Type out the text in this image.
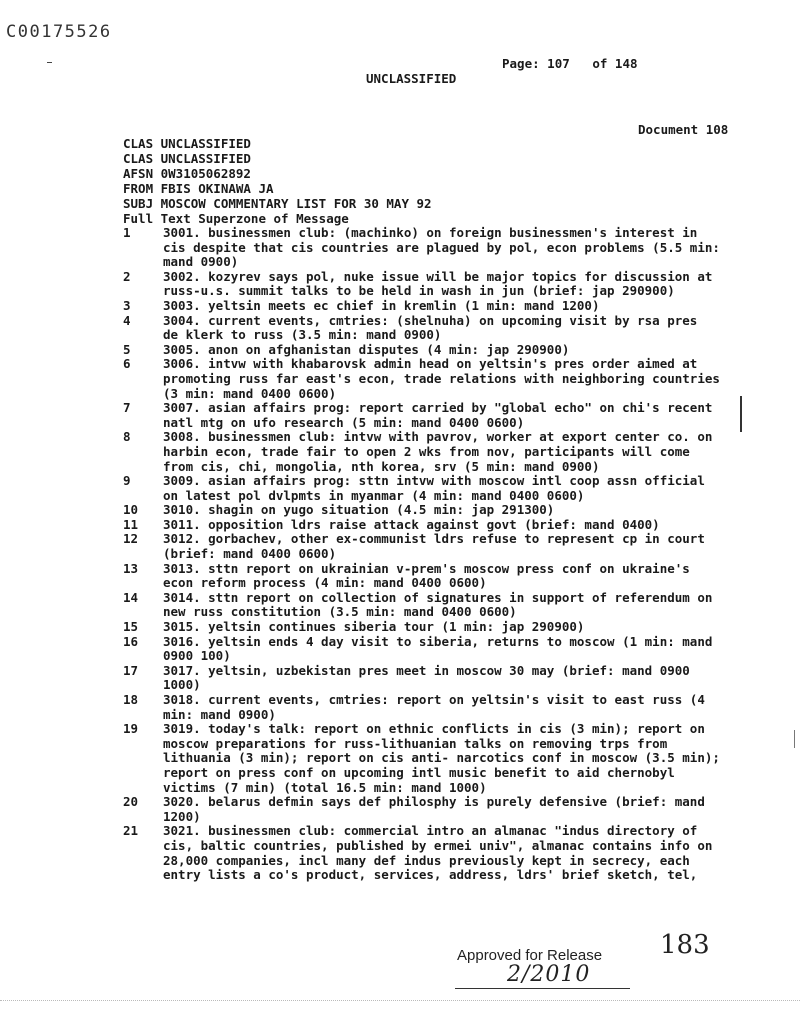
C00175526
Page: 107 of 148
UNCLASSIFIED
Document 108
CLAS UNCLASSIFIED
CLAS UNCLASSIFIED
AFSN 0W3105062892
FROM FBIS OKINAWA JA
SUBJ MOSCOW COMMENTARY LIST FOR 30 MAY 92
Full Text Superzone of Message
1	3001. businessmen club: (machinko) on foreign businessmen's interest in
cis despite that cis countries are plagued by pol, econ problems (5.5 min:
mand 0900)
2	3002. kozyrev says pol, nuke issue will be major topics for discussion at
russ-u.s. summit talks to be held in wash in jun (brief: jap 290900)
3	3003. yeltsin meets ec chief in kremlin (1 min: mand 1200)
4	3004. current events, cmtries: (shelnuha) on upcoming visit by rsa pres
de klerk to russ (3.5 min: mand 0900)
5	3005. anon on afghanistan disputes (4 min: jap 290900)
6	3006. intvw with khabarovsk admin head on yeltsin's pres order aimed at
promoting russ far east's econ, trade relations with neighboring countries
(3 min: mand 0400 0600)
7	3007. asian affairs prog: report carried by "global echo" on chi's recent
natl mtg on ufo research (5 min: mand 0400 0600)
8	3008. businessmen club: intvw with pavrov, worker at export center co. on
harbin econ, trade fair to open 2 wks from nov, participants will come
from cis, chi, mongolia, nth korea, srv (5 min: mand 0900)
9	3009. asian affairs prog: sttn intvw with moscow intl coop assn official
on latest pol dvlpmts in myanmar (4 min: mand 0400 0600)
10	3010. shagin on yugo situation (4.5 min: jap 291300)
11	3011. opposition ldrs raise attack against govt (brief: mand 0400)
12	3012. gorbachev, other ex-communist ldrs refuse to represent cp in court
(brief: mand 0400 0600)
13	3013. sttn report on ukrainian v-prem's moscow press conf on ukraine's
econ reform process (4 min: mand 0400 0600)
14	3014. sttn report on collection of signatures in support of referendum on
new russ constitution (3.5 min: mand 0400 0600)
15	3015. yeltsin continues siberia tour (1 min: jap 290900)
16	3016. yeltsin ends 4 day visit to siberia, returns to moscow (1 min: mand
0900 100)
17	3017. yeltsin, uzbekistan pres meet in moscow 30 may (brief: mand 0900
1000)
18	3018. current events, cmtries: report on yeltsin's visit to east russ (4
min: mand 0900)
19	3019. today's talk: report on ethnic conflicts in cis (3 min); report on
moscow preparations for russ-lithuanian talks on removing trps from
lithuania (3 min); report on cis anti- narcotics conf in moscow (3.5 min);
report on press conf on upcoming intl music benefit to aid chernobyl
victims (7 min) (total 16.5 min: mand 1000)
20	3020. belarus defmin says def philosphy is purely defensive (brief: mand
1200)
21	3021. businessmen club: commercial intro an almanac "indus directory of
cis, baltic countries, published by ermei univ", almanac contains info on
28,000 companies, incl many def indus previously kept in secrecy, each
entry lists a co's product, services, address, ldrs' brief sketch, tel,
183
Approved for Release
2/2010
